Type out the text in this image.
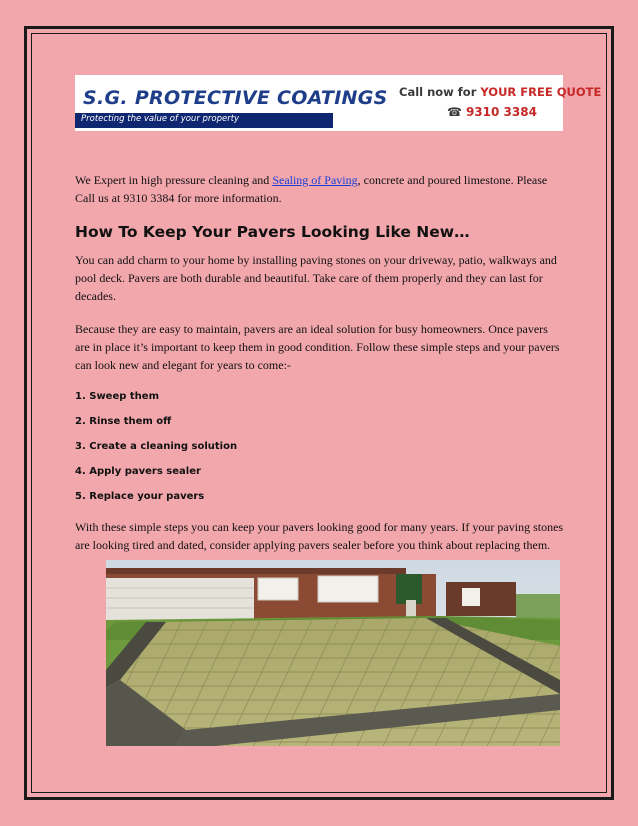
S.G. PROTECTIVE COATINGS
Protecting the value of your property
Call now for YOUR FREE QUOTE
☎ 9310 3384

We Expert in high pressure cleaning and Sealing of Paving, concrete and poured limestone. Please Call us at 9310 3384 for more information.

How To Keep Your Pavers Looking Like New…

You can add charm to your home by installing paving stones on your driveway, patio, walkways and pool deck. Pavers are both durable and beautiful. Take care of them properly and they can last for decades.

Because they are easy to maintain, pavers are an ideal solution for busy homeowners. Once pavers are in place it’s important to keep them in good condition. Follow these simple steps and your pavers can look new and elegant for years to come:-

1. Sweep them

2. Rinse them off

3. Create a cleaning solution

4. Apply pavers sealer

5. Replace your pavers

With these simple steps you can keep your pavers looking good for many years. If your paving stones are looking tired and dated, consider applying pavers sealer before you think about replacing them.
